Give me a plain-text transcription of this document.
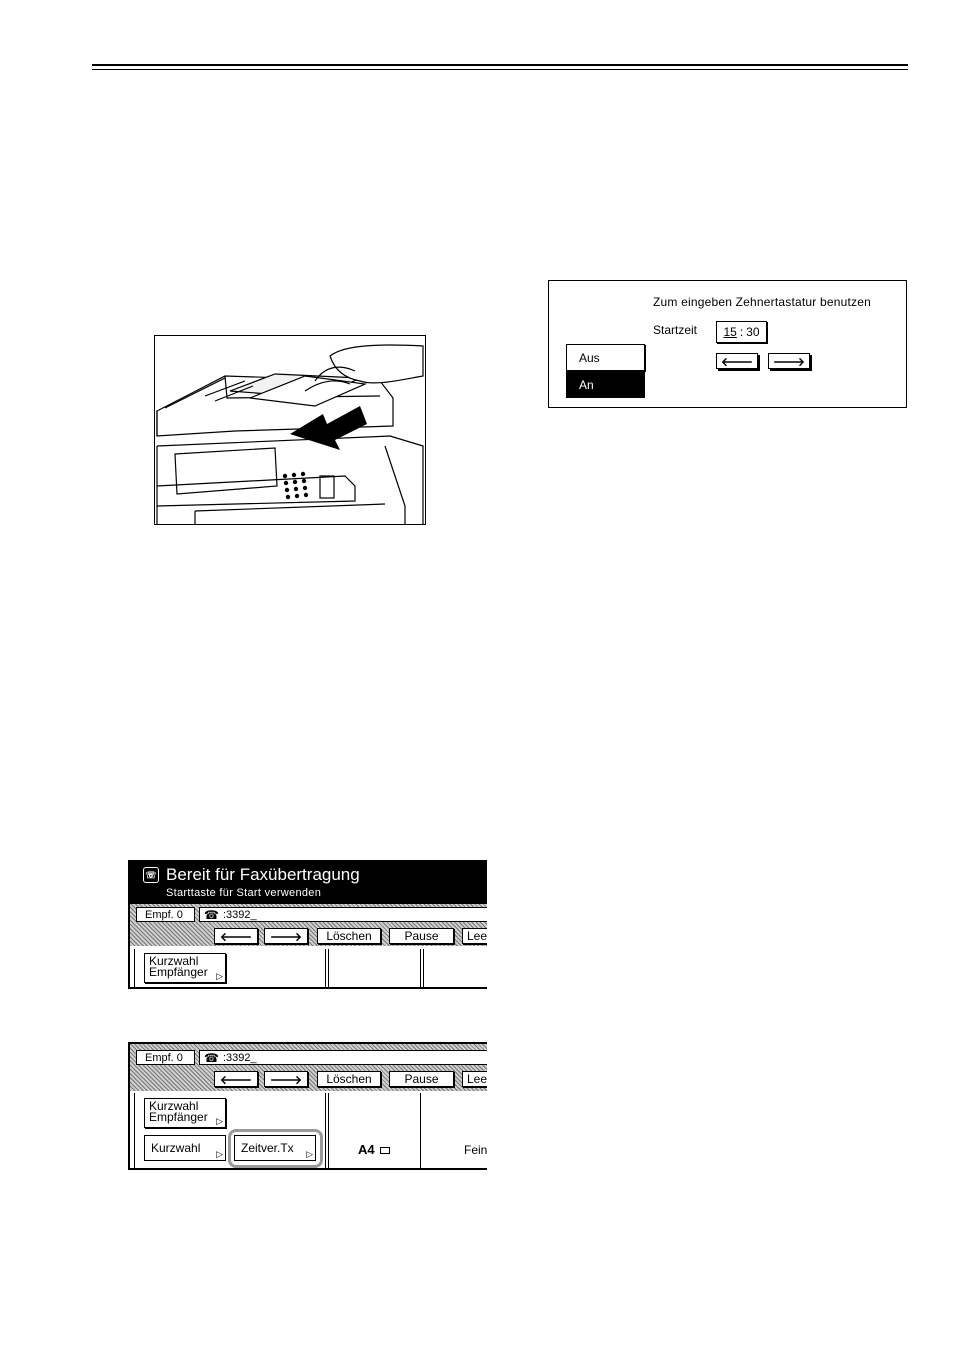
Zum eingeben Zehnertastatur benutzen
Startzeit 15 : 30
Aus
An
🡐 🡒
☏ Bereit für Faxübertragung
Starttaste für Start verwenden
Empf. 0	☎ :3392_
🡐 🡒	Löschen	Pause	Lee
Kurzwahl
Empfänger ▷
Empf. 0	☎ :3392_
🡐 🡒	Löschen	Pause	Lee
Kurzwahl
Empfänger ▷
Kurzwahl ▷ Zeitver.Tx ▷	A4	Fein
